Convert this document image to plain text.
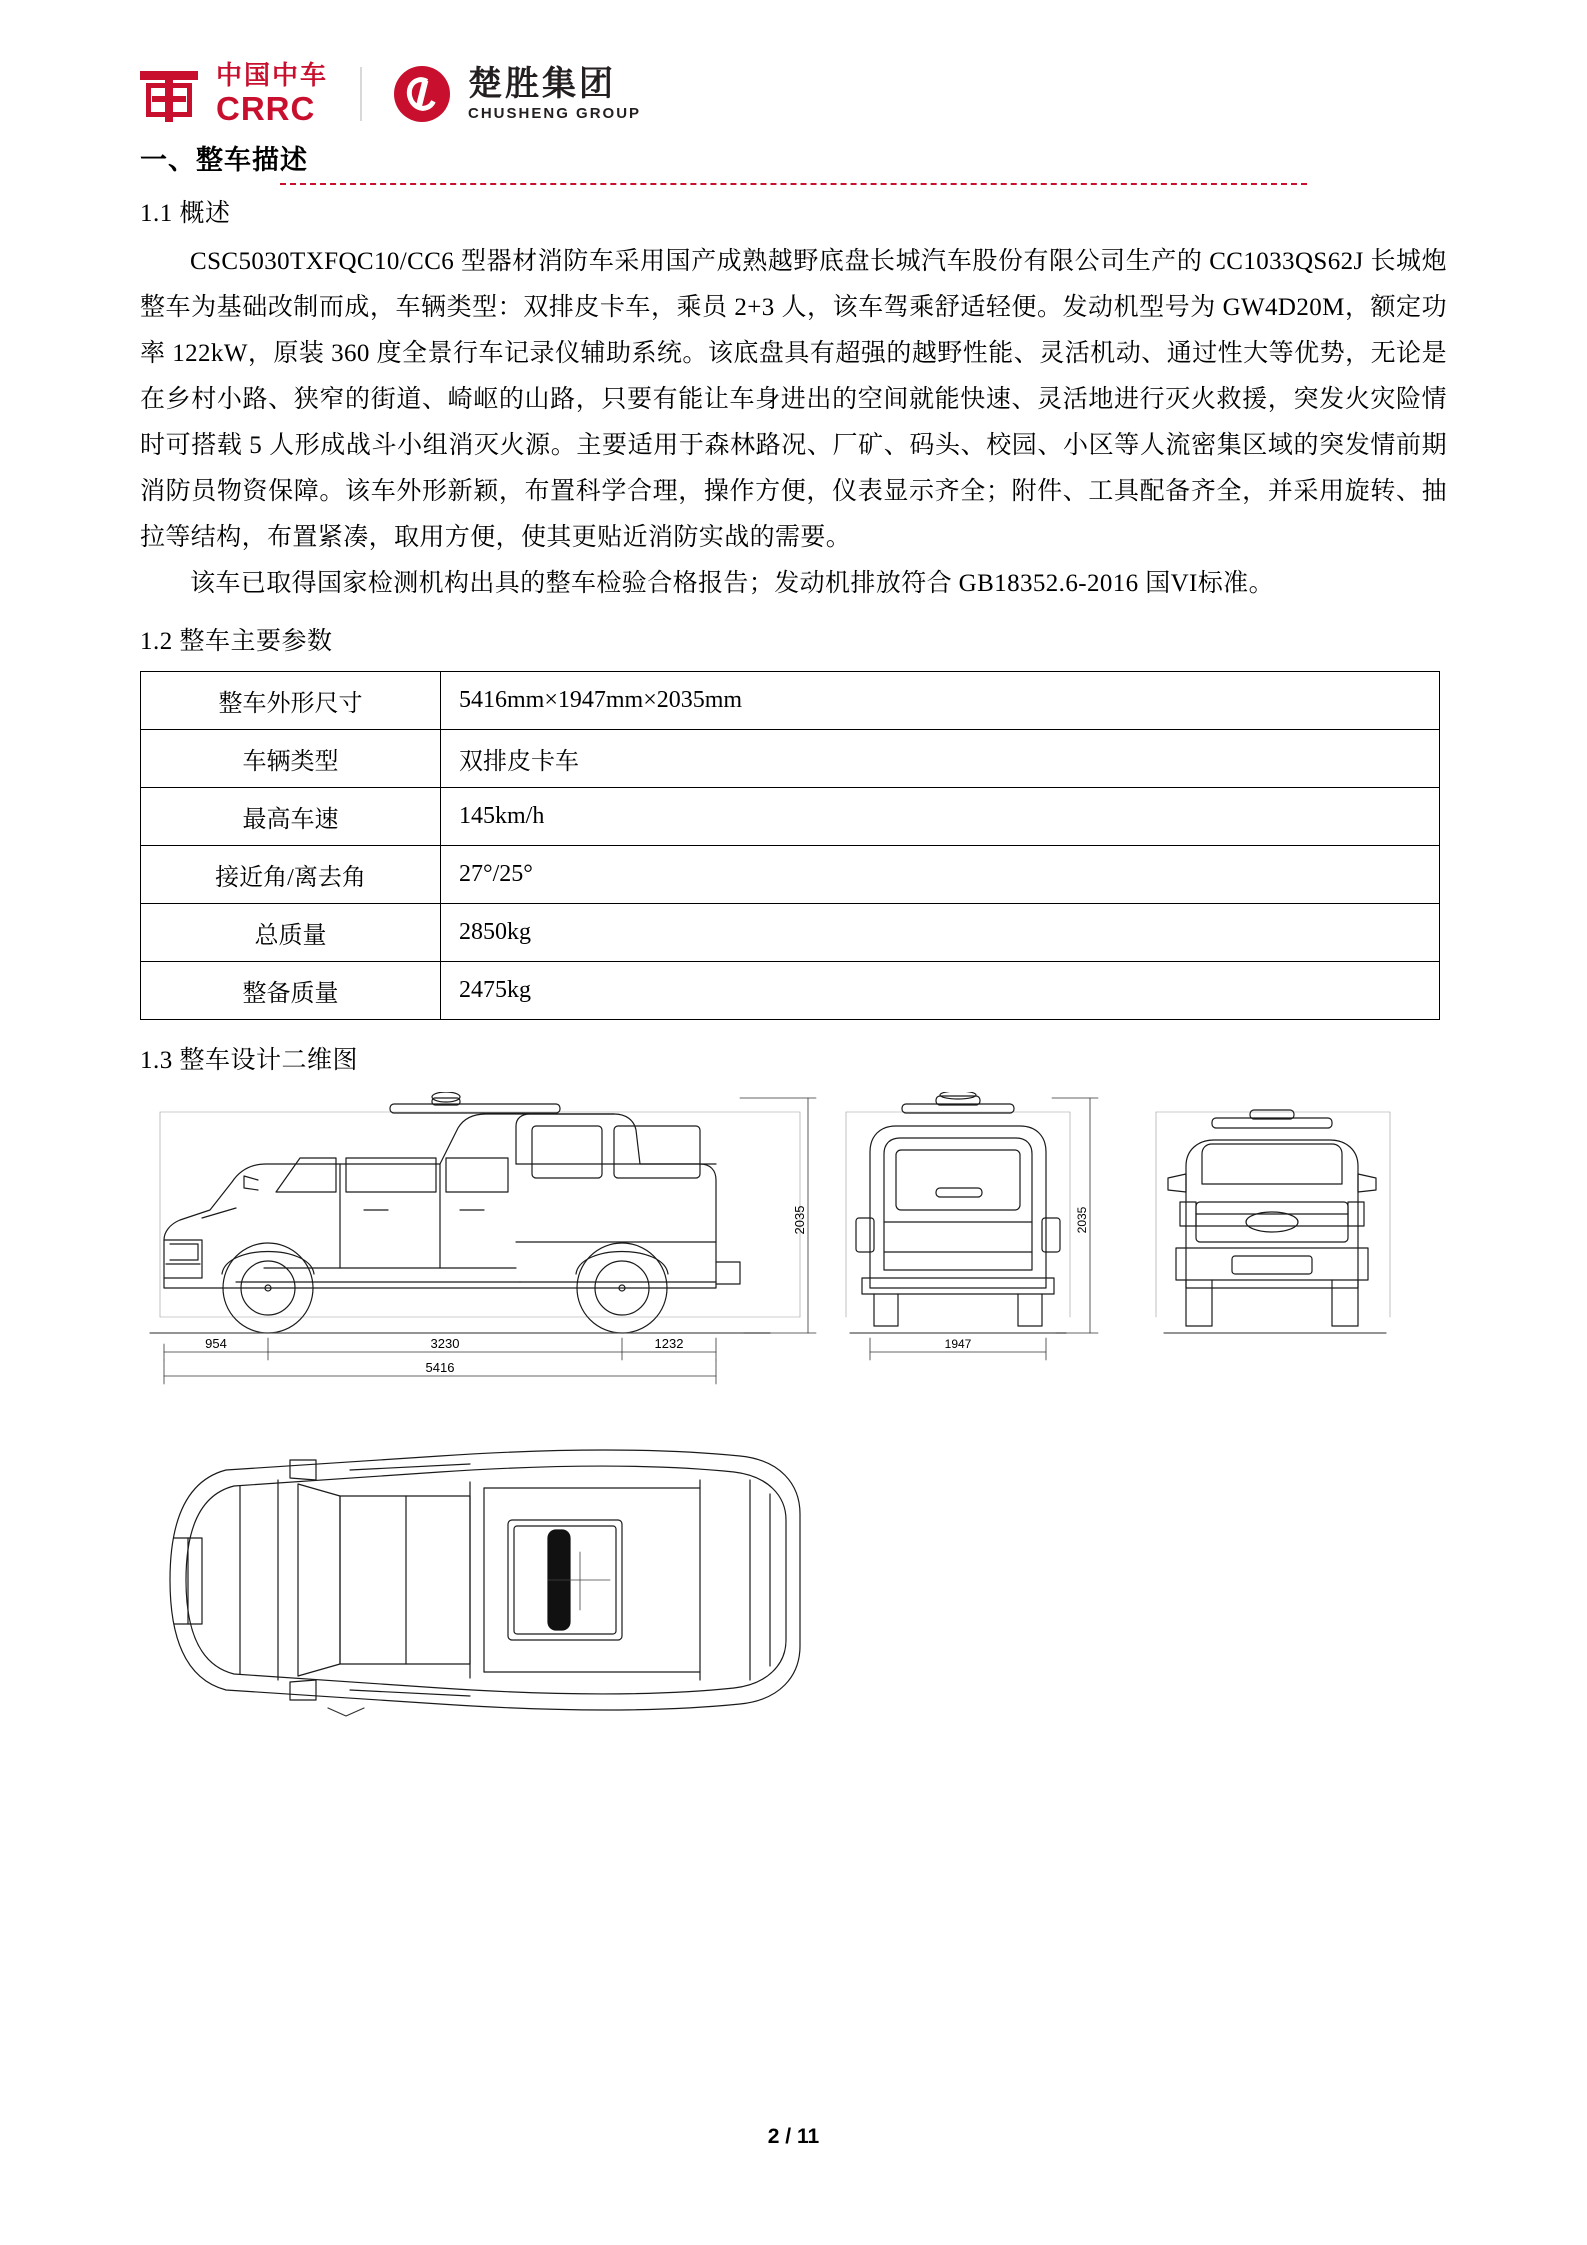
中国中车
CRRC
楚胜集团
CHUSHENG GROUP
一、整车描述
1.1 概述

CSC5030TXFQC10/CC6 型器材消防车采用国产成熟越野底盘长城汽车股份有限公司生产的 CC1033QS62J 长城炮整车为基础改制而成，车辆类型：双排皮卡车，乘员 2+3 人，该车驾乘舒适轻便。发动机型号为 GW4D20M，额定功率 122kW，原装 360 度全景行车记录仪辅助系统。该底盘具有超强的越野性能、灵活机动、通过性大等优势，无论是在乡村小路、狭窄的街道、崎岖的山路，只要有能让车身进出的空间就能快速、灵活地进行灭火救援，突发火灾险情时可搭载 5 人形成战斗小组消灭火源。主要适用于森林路况、厂矿、码头、校园、小区等人流密集区域的突发情前期消防员物资保障。该车外形新颖，布置科学合理，操作方便，仪表显示齐全；附件、工具配备齐全，并采用旋转、抽拉等结构，布置紧凑，取用方便，使其更贴近消防实战的需要。

该车已取得国家检测机构出具的整车检验合格报告；发动机排放符合 GB18352.6-2016 国VI标准。

1.2 整车主要参数
整车外形尺寸	5416mm×1947mm×2035mm
车辆类型	双排皮卡车
最高车速	145km/h
接近角/离去角	27°/25°
总质量	2850kg
整备质量	2475kg
1.3 整车设计二维图
954	3230	1232
5416
2035
1947
2035
2 / 11
